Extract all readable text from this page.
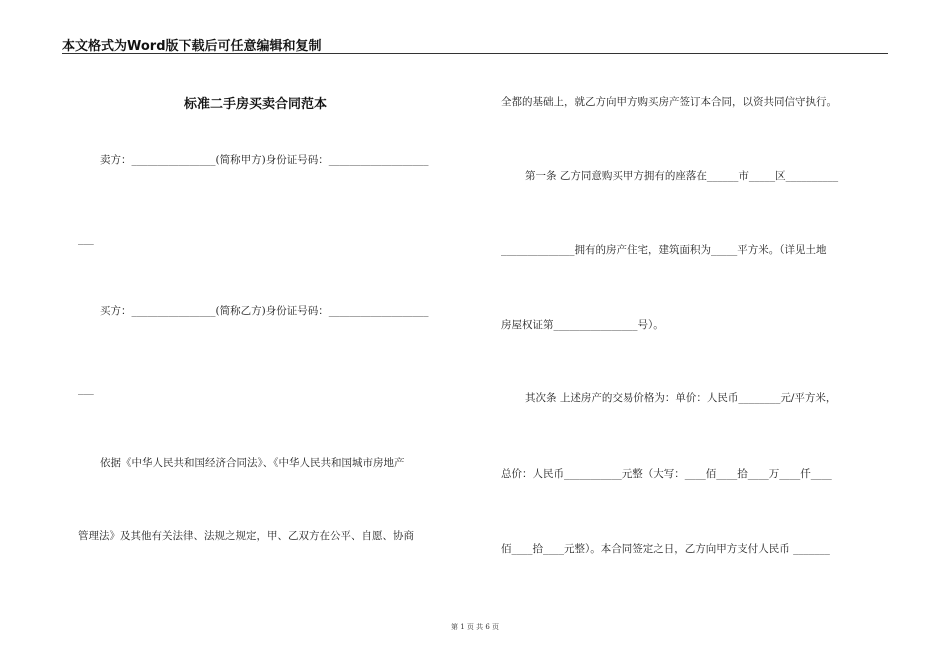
本文格式为Word版下载后可任意编辑和复制
标准二手房买卖合同范本
卖方：________________(简称甲方)身份证号码：___________________
___
买方：________________(简称乙方)身份证号码：___________________
___
依据《中华人民共和国经济合同法》、《中华人民共和国城市房地产
管理法》及其他有关法律、法规之规定，甲、乙双方在公平、自愿、协商
全都的基础上，就乙方向甲方购买房产签订本合同，以资共同信守执行。
第一条 乙方同意购买甲方拥有的座落在______市_____区__________
______________拥有的房产住宅，建筑面积为_____平方米。（详见土地
房屋权证第________________号）。
其次条 上述房产的交易价格为：单价：人民币________元/平方米，
总价：人民币___________元整（大写：____佰____拾____万____仟____
佰____拾____元整）。本合同签定之日，乙方向甲方支付人民币 _______
第 1 页 共 6 页
